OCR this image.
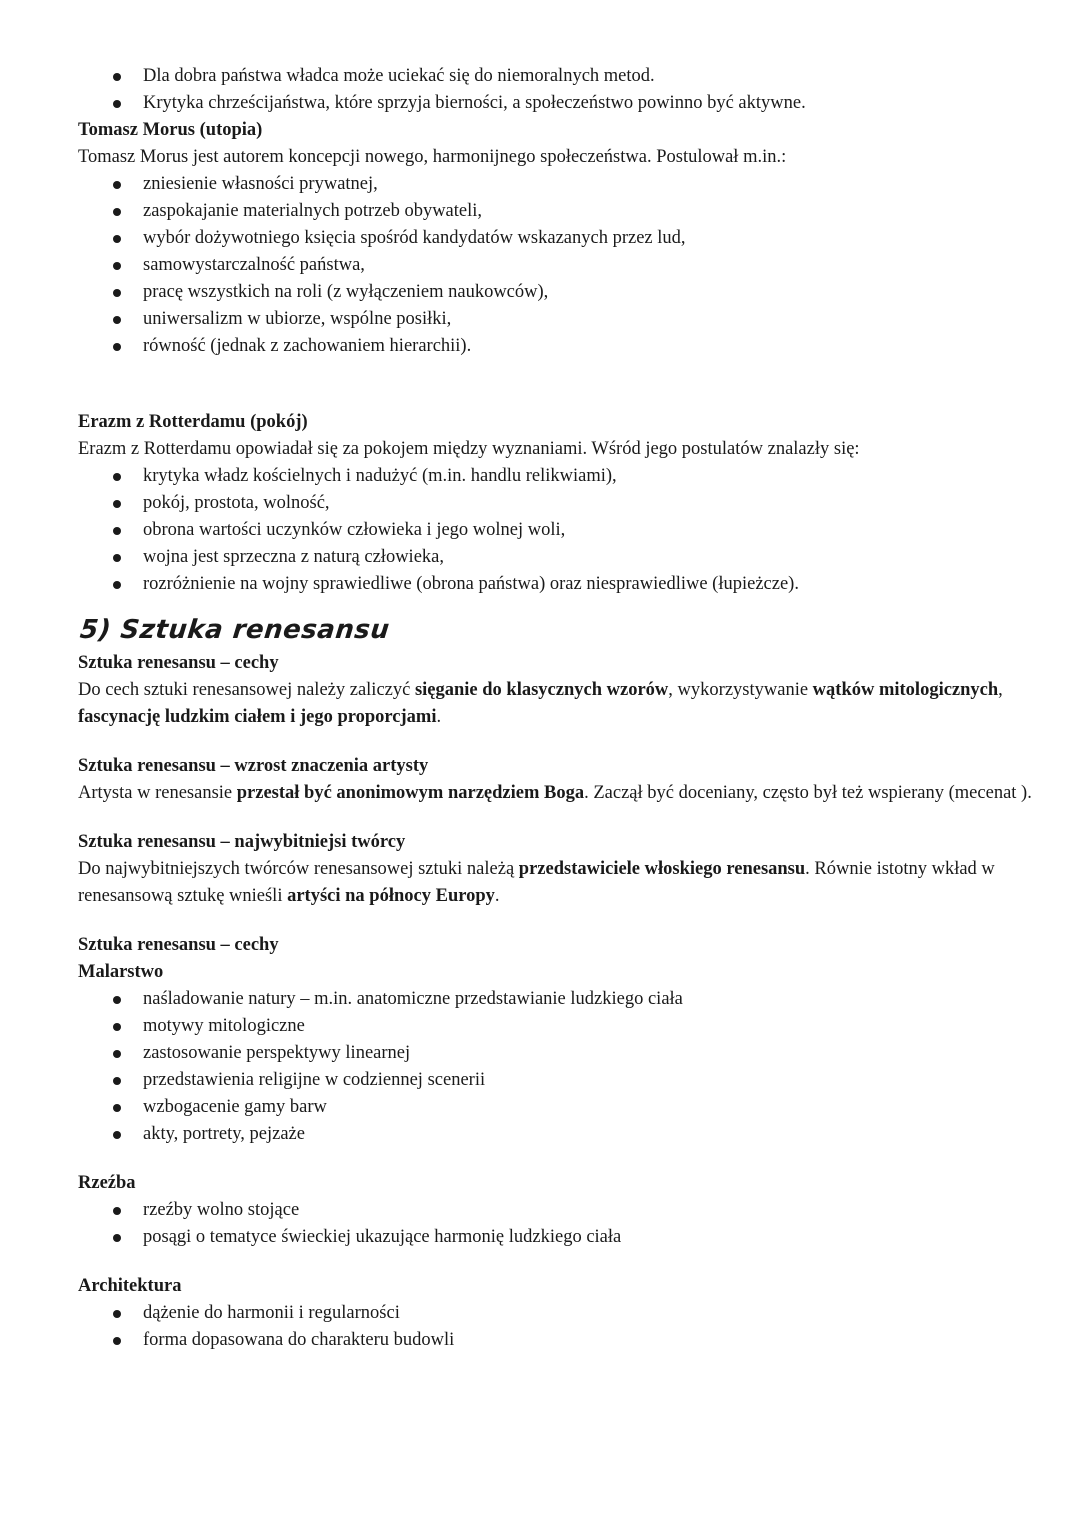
Dla dobra państwa władca może uciekać się do niemoralnych metod.
Krytyka chrześcijaństwa, które sprzyja bierności, a społeczeństwo powinno być aktywne.

Tomasz Morus (utopia)

Tomasz Morus jest autorem koncepcji nowego, harmonijnego społeczeństwa. Postulował m.in.:

zniesienie własności prywatnej,
zaspokajanie materialnych potrzeb obywateli,
wybór dożywotniego księcia spośród kandydatów wskazanych przez lud,
samowystarczalność państwa,
pracę wszystkich na roli (z wyłączeniem naukowców),
uniwersalizm w ubiorze, wspólne posiłki,
równość (jednak z zachowaniem hierarchii).

Erazm z Rotterdamu (pokój)

Erazm z Rotterdamu opowiadał się za pokojem między wyznaniami. Wśród jego postulatów znalazły się:

krytyka władz kościelnych i nadużyć (m.in. handlu relikwiami),
pokój, prostota, wolność,
obrona wartości uczynków człowieka i jego wolnej woli,
wojna jest sprzeczna z naturą człowieka,
rozróżnienie na wojny sprawiedliwe (obrona państwa) oraz niesprawiedliwe (łupieżcze).

5) Sztuka renesansu

Sztuka renesansu – cechy

Do cech sztuki renesansowej należy zaliczyć sięganie do klasycznych wzorów, wykorzystywanie wątków mitologicznych, fascynację ludzkim ciałem i jego proporcjami.

Sztuka renesansu – wzrost znaczenia artysty

Artysta w renesansie przestał być anonimowym narzędziem Boga. Zaczął być doceniany, często był też wspierany (mecenat ).

Sztuka renesansu – najwybitniejsi twórcy

Do najwybitniejszych twórców renesansowej sztuki należą przedstawiciele włoskiego renesansu. Równie istotny wkład w renesansową sztukę wnieśli artyści na północy Europy.

Sztuka renesansu – cechy

Malarstwo

naśladowanie natury – m.in. anatomiczne przedstawianie ludzkiego ciała
motywy mitologiczne
zastosowanie perspektywy linearnej
przedstawienia religijne w codziennej scenerii
wzbogacenie gamy barw
akty, portrety, pejzaże

Rzeźba

rzeźby wolno stojące
posągi o tematyce świeckiej ukazujące harmonię ludzkiego ciała

Architektura

dążenie do harmonii i regularności
forma dopasowana do charakteru budowli
